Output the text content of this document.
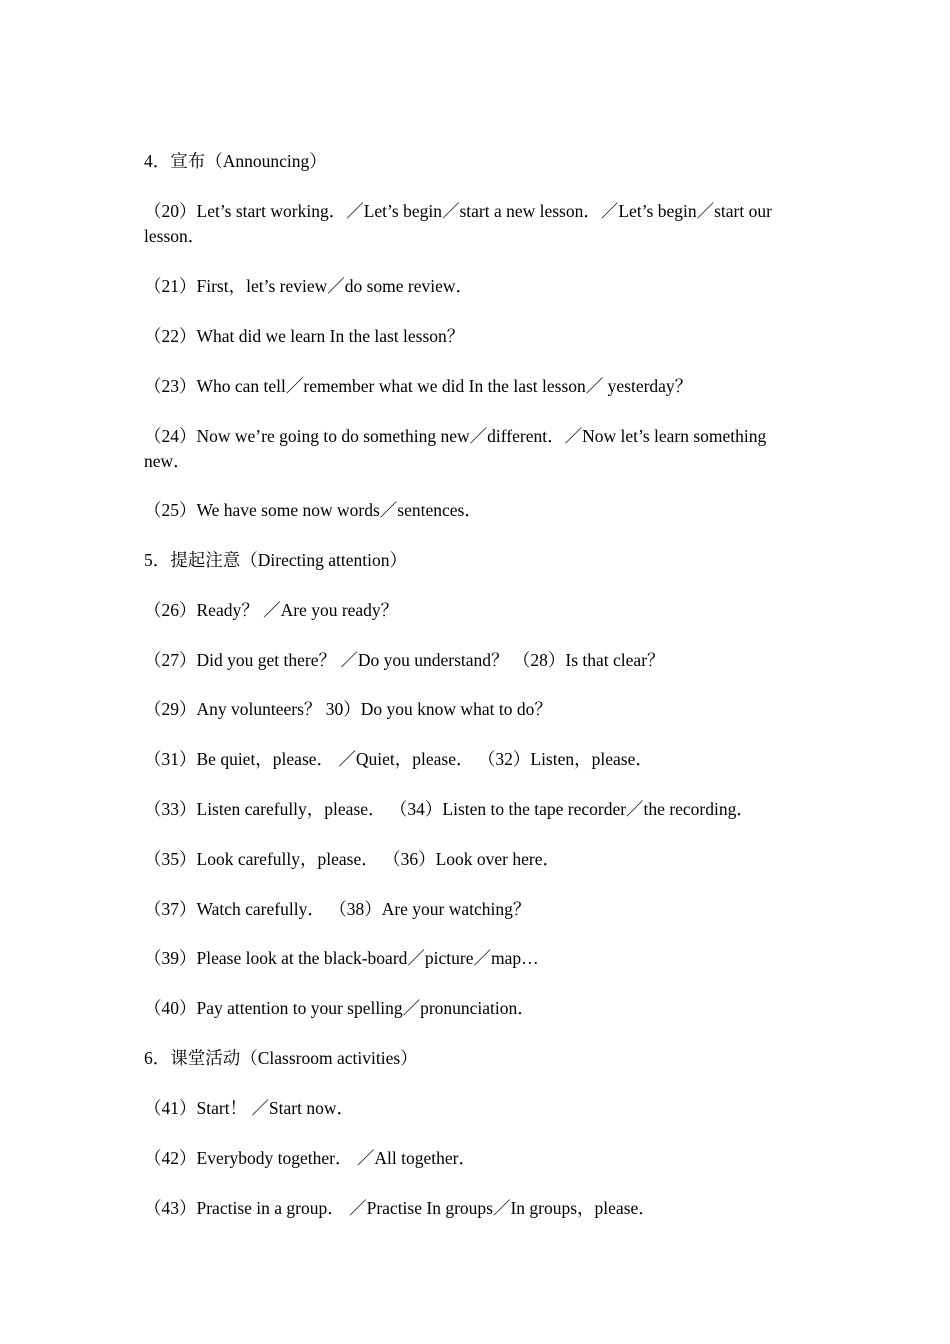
4．宣布（Announcing）

（20）Let’s start working．／Let’s begin／start a new lesson．／Let’s begin／start our lesson．

（21）First，let’s review／do some review．

（22）What did we learn In the last lesson？

（23）Who can tell／remember what we did In the last lesson／ yesterday？

（24）Now we’re going to do something new／different．／Now let’s learn something new．

（25）We have some now words／sentences．

5．提起注意（Directing attention）

（26）Ready？ ／Are you ready？

（27）Did you get there？ ／Do you understand？ （28）Is that clear？

（29）Any volunteers？ 30）Do you know what to do？

（31）Be quiet，please． ／Quiet，please． （32）Listen，please．

（33）Listen carefully，please． （34）Listen to the tape recorder／the recording．

（35）Look carefully，please． （36）Look over here．

（37）Watch carefully． （38）Are your watching？

（39）Please look at the black-board／picture／map…

（40）Pay attention to your spelling／pronunciation．

6．课堂活动（Classroom activities）

（41）Start！ ／Start now．

（42）Everybody together． ／All together．

（43）Practise in a group． ／Practise In groups／In groups，please．
